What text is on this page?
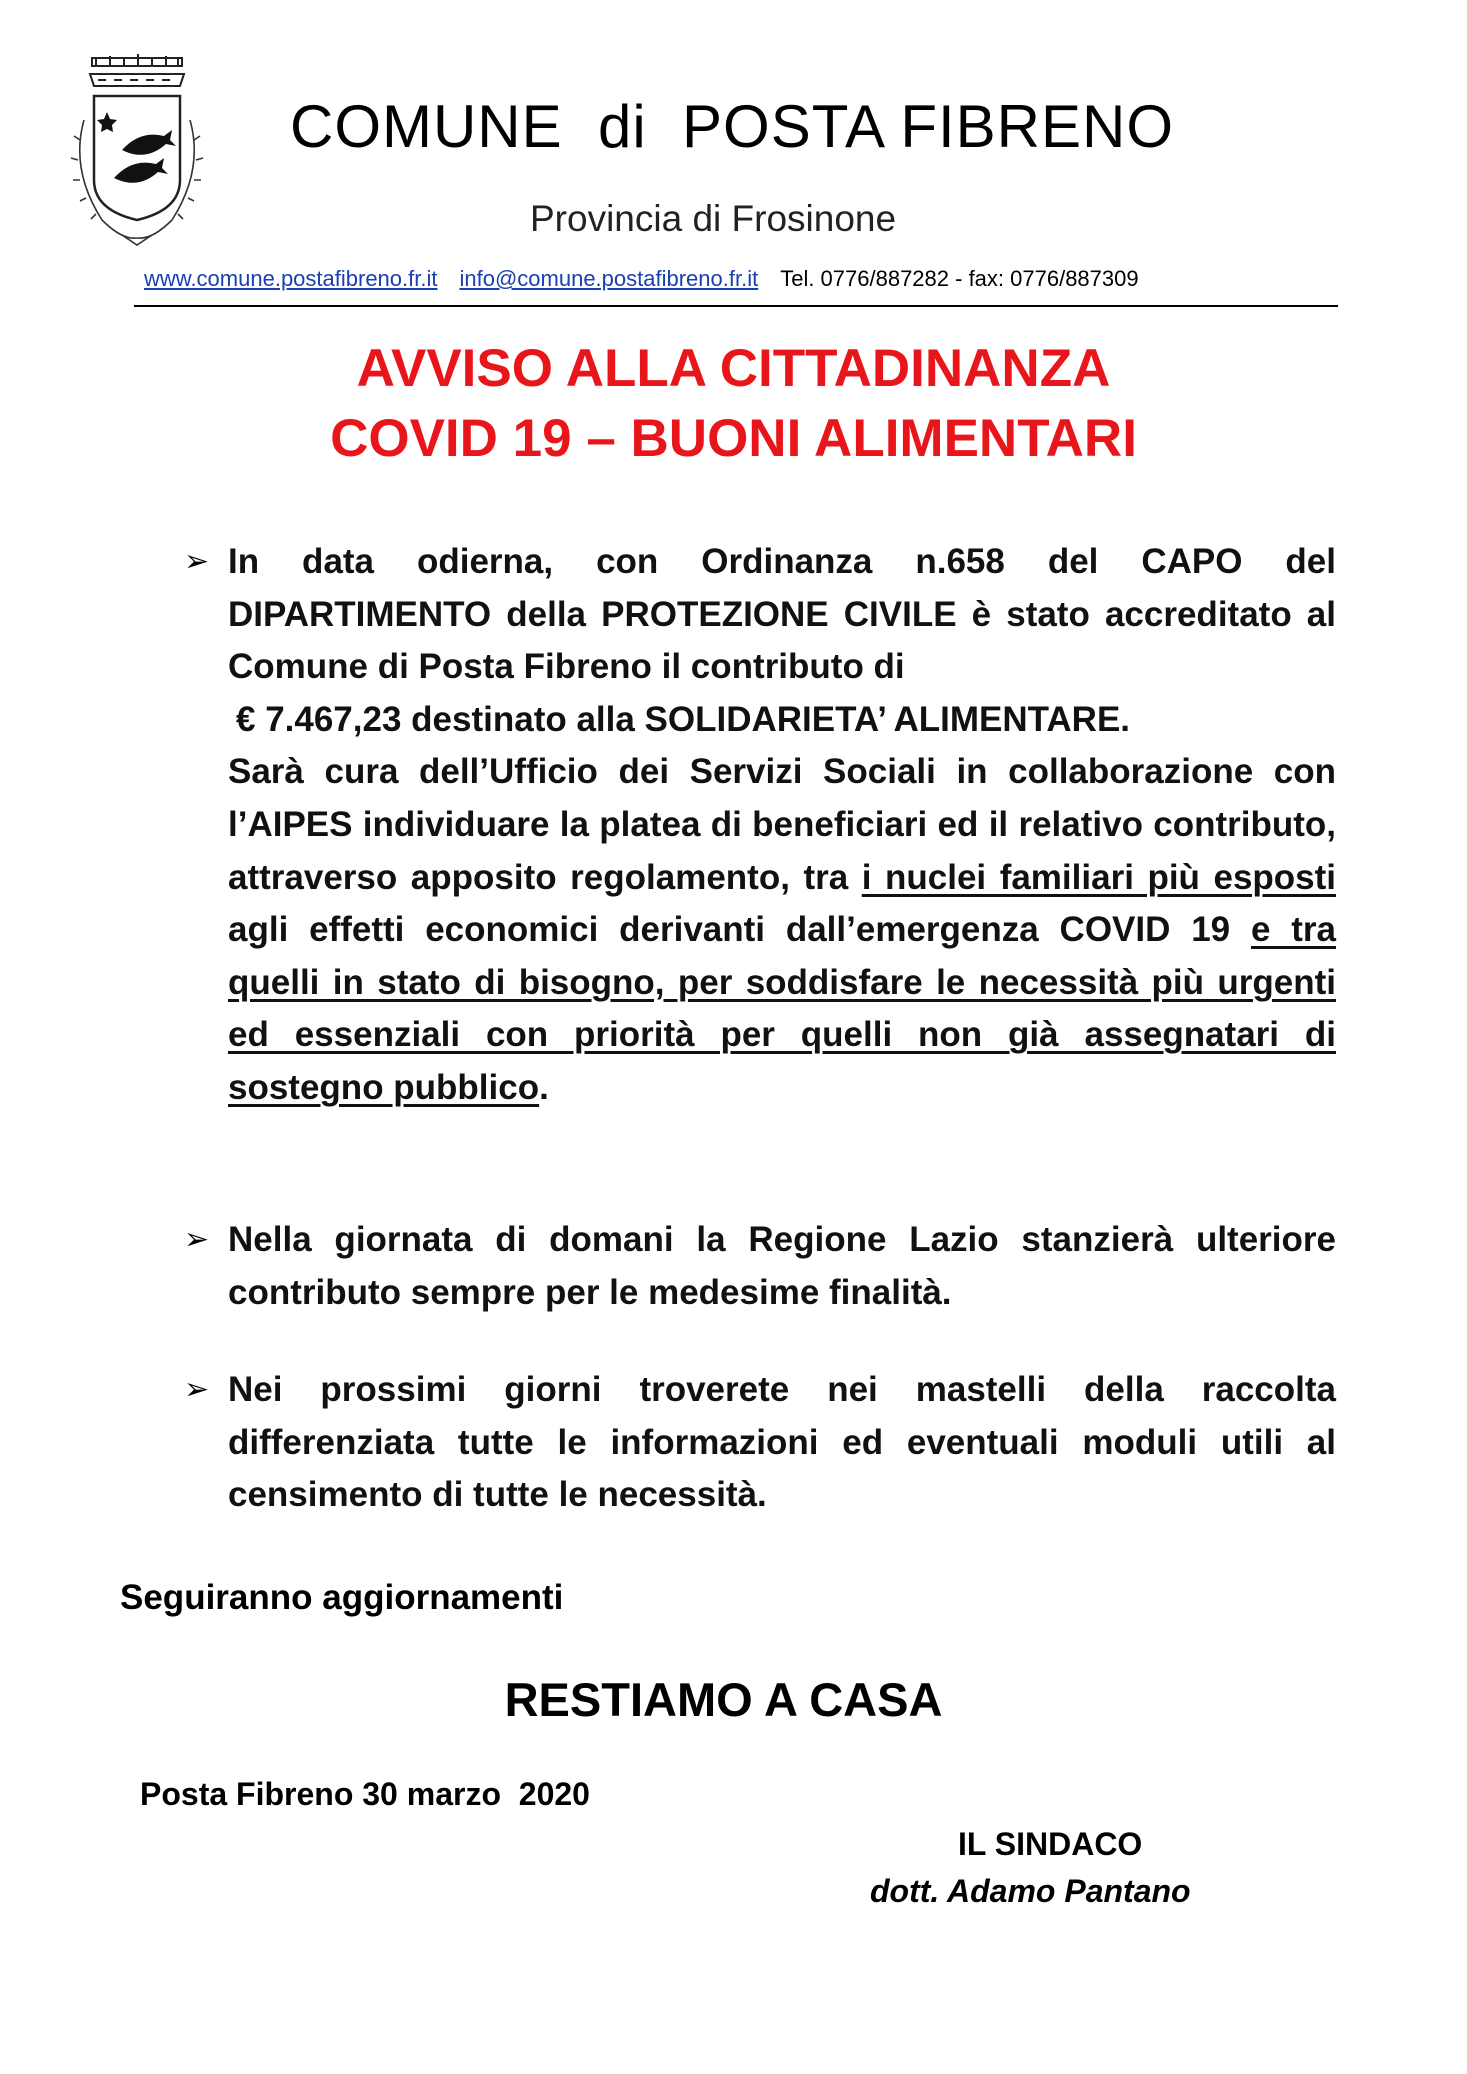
COMUNE  di  POSTA FIBRENO
Provincia di Frosinone
www.comune.postafibreno.fr.it info@comune.postafibreno.fr.it Tel. 0776/887282 - fax: 0776/887309
AVVISO ALLA CITTADINANZA
COVID 19 – BUONI ALIMENTARI
➢ In data odierna, con Ordinanza n.658 del CAPO del DIPARTIMENTO della PROTEZIONE CIVILE è stato accreditato al Comune di Posta Fibreno il contributo di
€ 7.467,23 destinato alla SOLIDARIETA’ ALIMENTARE.
Sarà cura dell’Ufficio dei Servizi Sociali in collaborazione con l’AIPES individuare la platea di beneficiari ed il relativo contributo, attraverso apposito regolamento, tra i nuclei familiari più esposti agli effetti economici derivanti dall’emergenza COVID 19 e tra quelli in stato di bisogno, per soddisfare le necessità più urgenti ed essenziali con priorità per quelli non già assegnatari di sostegno pubblico.
➢ Nella giornata di domani la Regione Lazio stanzierà ulteriore contributo sempre per le medesime finalità.
➢ Nei prossimi giorni troverete nei mastelli della raccolta differenziata tutte le informazioni ed eventuali moduli utili al censimento di tutte le necessità.
Seguiranno aggiornamenti
RESTIAMO A CASA
Posta Fibreno 30 marzo  2020
IL SINDACO
dott. Adamo Pantano
